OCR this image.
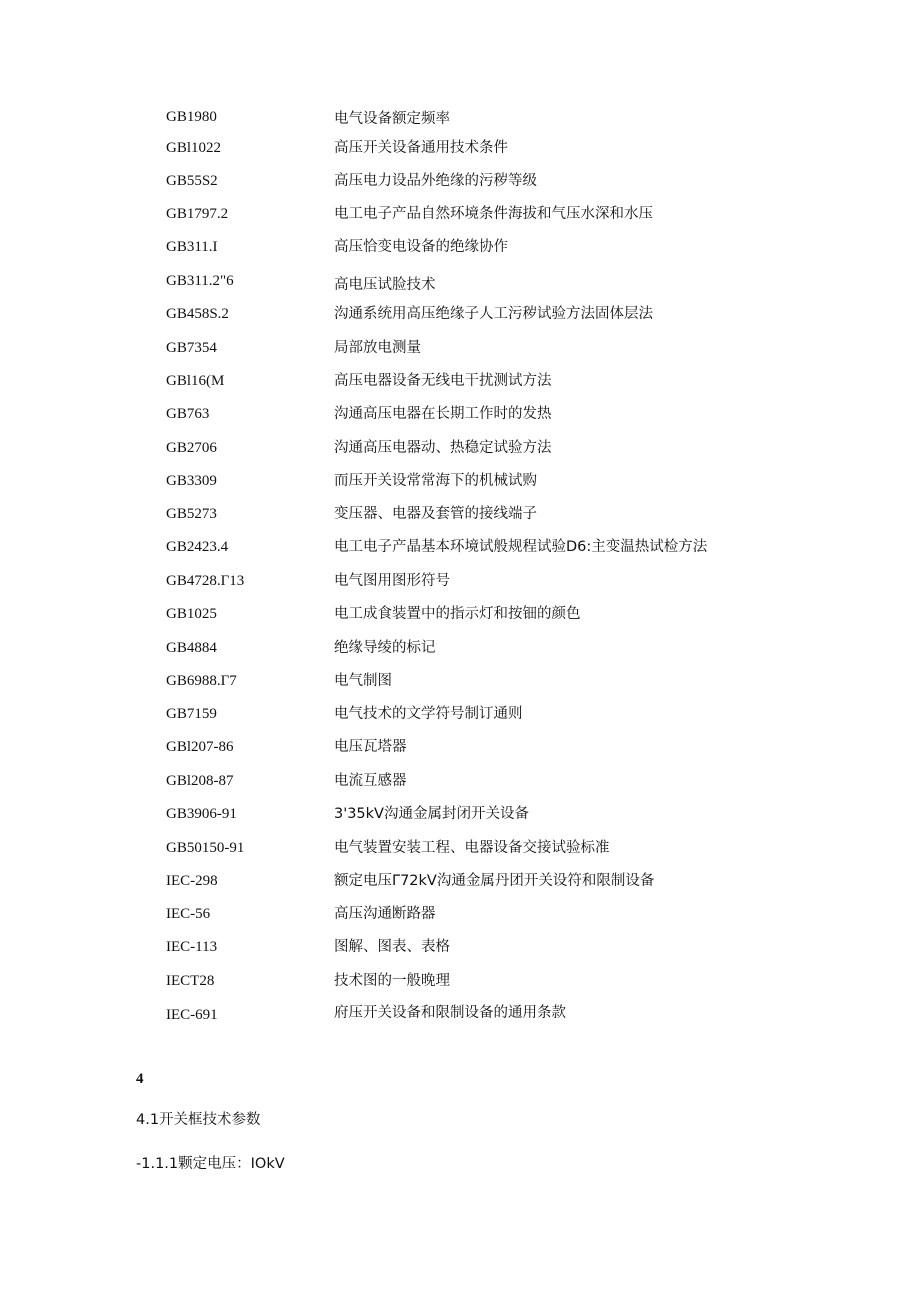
GB1980	电气设备额定频率
GBl1022	高压开关设备通用技术条件
GB55S2	高压电力设品外绝缘的污秽等级
GB1797.2	电工电子产品自然环境条件海拔和气压水深和水压
GB311.I	高压恰变电设备的绝缘协作
GB311.2"6	高电压试脸技术
GB458S.2	沟通系统用高压绝缘子人工污秽试验方法固体层法
GB7354	局部放电测量
GBl16(M	高压电器设备无线电干扰测试方法
GB763	沟通高压电器在长期工作时的发热
GB2706	沟通高压电器动、热稳定试验方法
GB3309	而压开关设常常海下的机械试购
GB5273	变压器、电器及套管的接线端子
GB2423.4	电工电子产晶基本环境试般规程试验D6:主变温热试检方法
GB4728.Γ13	电气图用图形符号
GB1025	电工成食装置中的指示灯和按钿的颜色
GB4884	绝缘导绫的标记
GB6988.Γ7	电气制图
GB7159	电气技术的文学符号制订通则
GBl207-86	电压瓦塔器
GBl208-87	电流互感器
GB3906-91	3'35kV沟通金属封闭开关设备
GB50150-91	电气装置安装工程、电器设备交接试验标准
IEC-298	额定电压Γ72kV沟通金属丹团开关设符和限制设备
IEC-56	高压沟通断路器
IEC-113	图解、图表、表格
IECT28	技术图的一般晚理
IEC-691	府压开关设备和限制设备的通用条款
4
4.1开关框技术参数
-1.1.1颗定电压：IOkV
